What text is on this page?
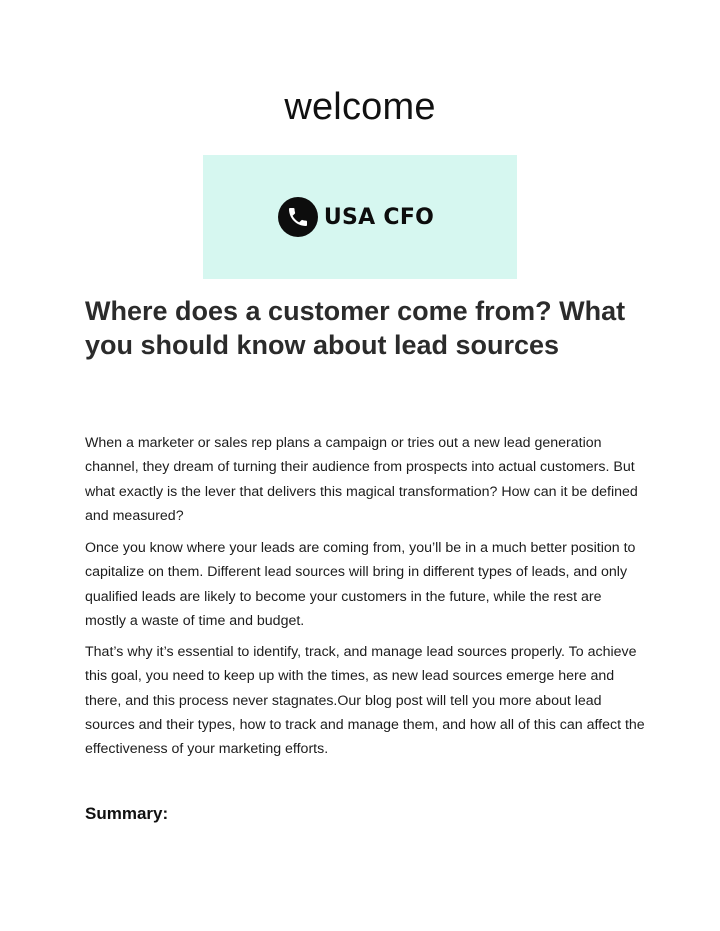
welcome
USA CFO
Where does a customer come from? What you should know about lead sources

When a marketer or sales rep plans a campaign or tries out a new lead generation channel, they dream of turning their audience from prospects into actual customers. But what exactly is the lever that delivers this magical transformation? How can it be defined and measured?

Once you know where your leads are coming from, you’ll be in a much better position to capitalize on them. Different lead sources will bring in different types of leads, and only qualified leads are likely to become your customers in the future, while the rest are mostly a waste of time and budget.

That’s why it’s essential to identify, track, and manage lead sources properly. To achieve this goal, you need to keep up with the times, as new lead sources emerge here and there, and this process never stagnates.Our blog post will tell you more about lead sources and their types, how to track and manage them, and how all of this can affect the effectiveness of your marketing efforts.

Summary:
